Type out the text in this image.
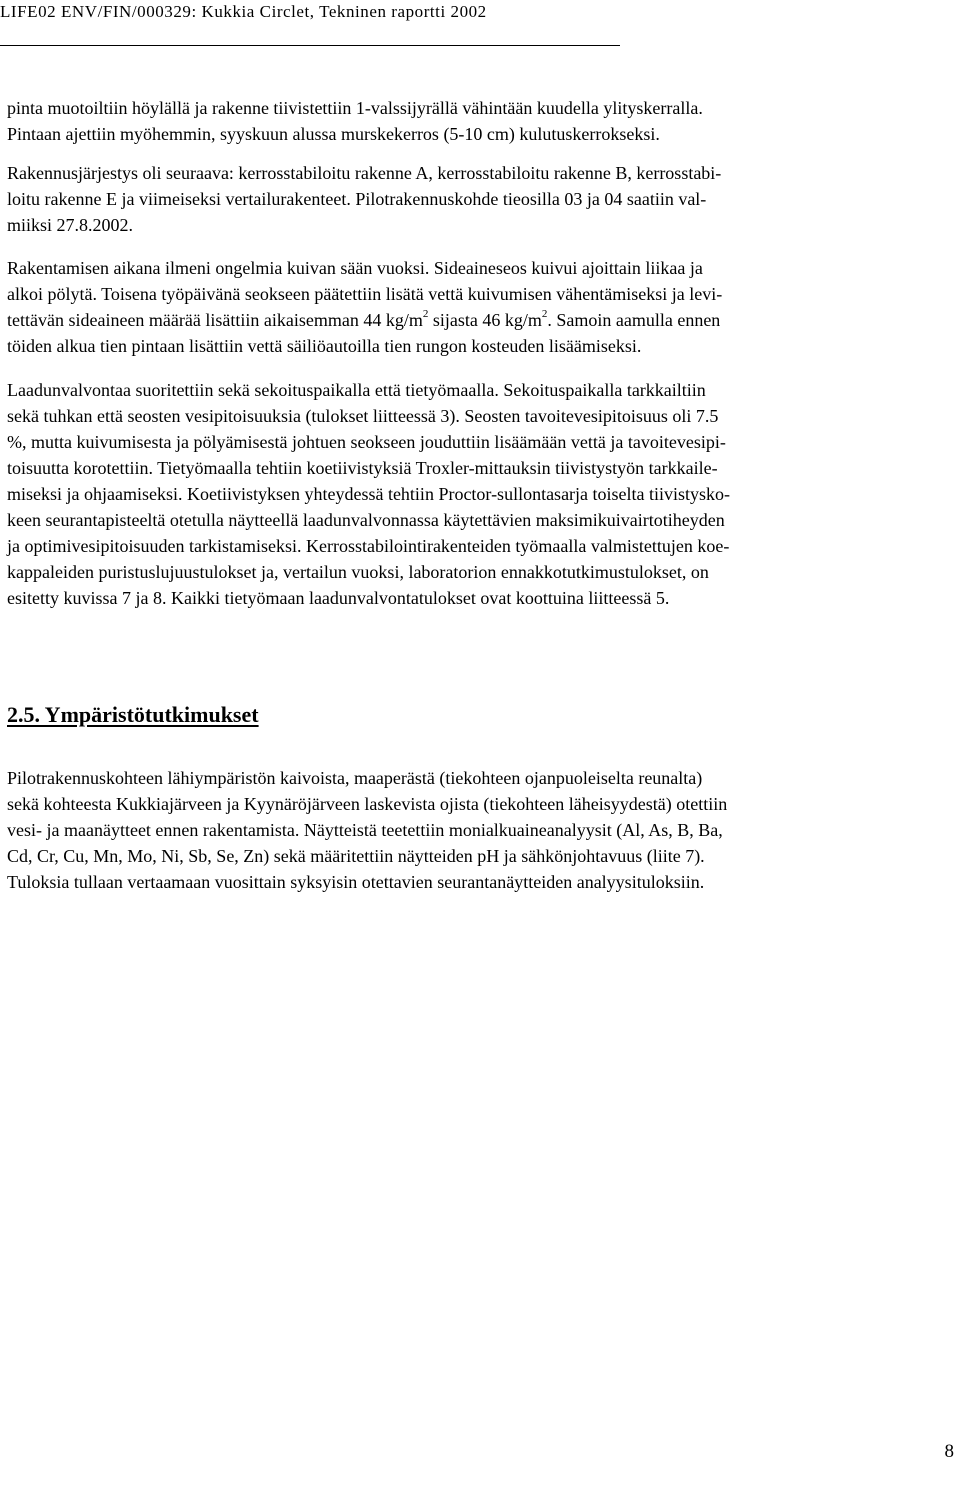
LIFE02 ENV/FIN/000329: Kukkia Circlet, Tekninen raportti 2002
pinta muotoiltiin höylällä ja rakenne tiivistettiin 1-valssijyrällä vähintään kuudella ylityskerralla.
Pintaan ajettiin myöhemmin, syyskuun alussa murskekerros (5-10 cm) kulutuskerrokseksi.
Rakennusjärjestys oli seuraava: kerrosstabiloitu rakenne A, kerrosstabiloitu rakenne B, kerrosstabi-
loitu rakenne E ja viimeiseksi vertailurakenteet. Pilotrakennuskohde tieosilla 03 ja 04 saatiin val-
miiksi 27.8.2002.
Rakentamisen aikana ilmeni ongelmia kuivan sään vuoksi. Sideaineseos kuivui ajoittain liikaa ja
alkoi pölytä. Toisena työpäivänä seokseen päätettiin lisätä vettä kuivumisen vähentämiseksi ja levi-
tettävän sideaineen määrää lisättiin aikaisemman 44 $kg/m^2$ sijasta 46 $kg/m^2$. Samoin aamulla ennen
töiden alkua tien pintaan lisättiin vettä säiliöautoilla tien rungon kosteuden lisäämiseksi.
Laadunvalvontaa suoritettiin sekä sekoituspaikalla että tietyömaalla. Sekoituspaikalla tarkkailtiin
sekä tuhkan että seosten vesipitoisuuksia (tulokset liitteessä 3). Seosten tavoitevesipitoisuus oli 7.5
%, mutta kuivumisesta ja pölyämisestä johtuen seokseen jouduttiin lisäämään vettä ja tavoitevesipi-
toisuutta korotettiin. Tietyömaalla tehtiin koetiivistyksiä Troxler-mittauksin tiivistystyön tarkkaile-
miseksi ja ohjaamiseksi. Koetiivistyksen yhteydessä tehtiin Proctor-sullontasarja toiselta tiivistysko-
keen seurantapisteeltä otetulla näytteellä laadunvalvonnassa käytettävien maksimikuivairtotiheyden
ja optimivesipitoisuuden tarkistamiseksi. Kerrosstabilointirakenteiden työmaalla valmistettujen koe-
kappaleiden puristuslujuustulokset ja, vertailun vuoksi, laboratorion ennakkotutkimustulokset, on
esitetty kuvissa 7 ja 8. Kaikki tietyömaan laadunvalvontatulokset ovat koottuina liitteessä 5.
2.5. Ympäristötutkimukset
Pilotrakennuskohteen lähiympäristön kaivoista, maaperästä (tiekohteen ojanpuoleiselta reunalta)
sekä kohteesta Kukkiajärveen ja Kyynäröjärveen laskevista ojista (tiekohteen läheisyydestä) otettiin
vesi- ja maanäytteet ennen rakentamista. Näytteistä teetettiin monialkuaineanalyysit (Al, As, B, Ba,
Cd, Cr, Cu, Mn, Mo, Ni, Sb, Se, Zn) sekä määritettiin näytteiden pH ja sähkönjohtavuus (liite 7).
Tuloksia tullaan vertaamaan vuosittain syksyisin otettavien seurantanäytteiden analyysituloksiin.
8
